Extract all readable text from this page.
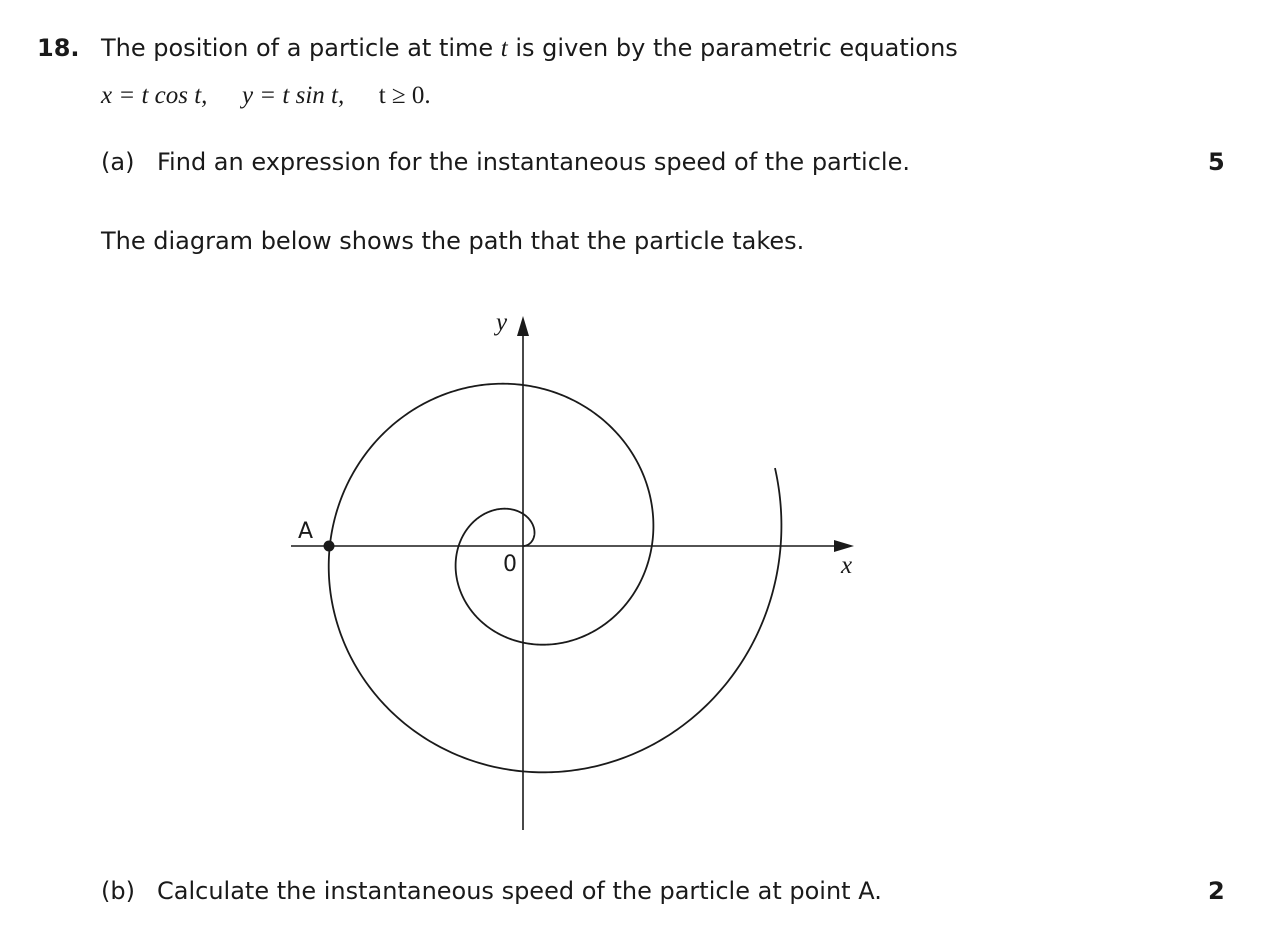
18. The position of a particle at time t is given by the parametric equations
x = t cos t, y = t sin t, t ≥ 0.
(a) Find an expression for the instantaneous speed of the particle.	5
The diagram below shows the path that the particle takes.
A
0
y
x
(b) Calculate the instantaneous speed of the particle at point A.	2
